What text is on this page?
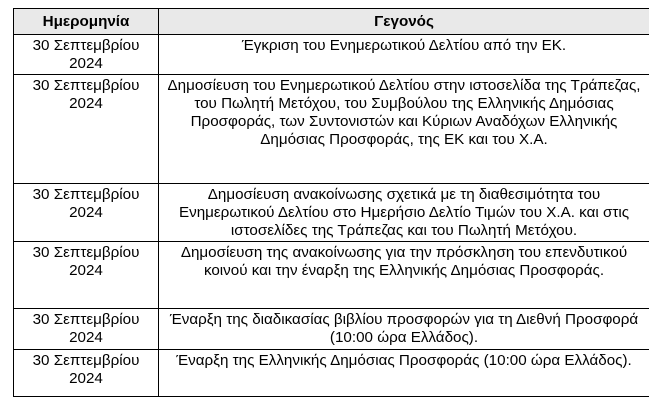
Ημερομηνία	Γεγονός
30 Σεπτεμβρίου 2024	Έγκριση του Ενημερωτικού Δελτίου από την ΕΚ.
30 Σεπτεμβρίου 2024	Δημοσίευση του Ενημερωτικού Δελτίου στην ιστοσελίδα της Τράπεζας, του Πωλητή Μετόχου, του Συμβούλου της Ελληνικής Δημόσιας Προσφοράς, των Συντονιστών και Κύριων Αναδόχων Ελληνικής Δημόσιας Προσφοράς, της ΕΚ και του Χ.Α.
30 Σεπτεμβρίου 2024	Δημοσίευση ανακοίνωσης σχετικά με τη διαθεσιμότητα του Ενημερωτικού Δελτίου στο Ημερήσιο Δελτίο Τιμών του Χ.Α. και στις ιστοσελίδες της Τράπεζας και του Πωλητή Μετόχου.
30 Σεπτεμβρίου 2024	Δημοσίευση της ανακοίνωσης για την πρόσκληση του επενδυτικού κοινού και την έναρξη της Ελληνικής Δημόσιας Προσφοράς.
30 Σεπτεμβρίου 2024	Έναρξη της διαδικασίας βιβλίου προσφορών για τη Διεθνή Προσφορά (10:00 ώρα Ελλάδος).
30 Σεπτεμβρίου 2024	Έναρξη της Ελληνικής Δημόσιας Προσφοράς (10:00 ώρα Ελλάδος).
